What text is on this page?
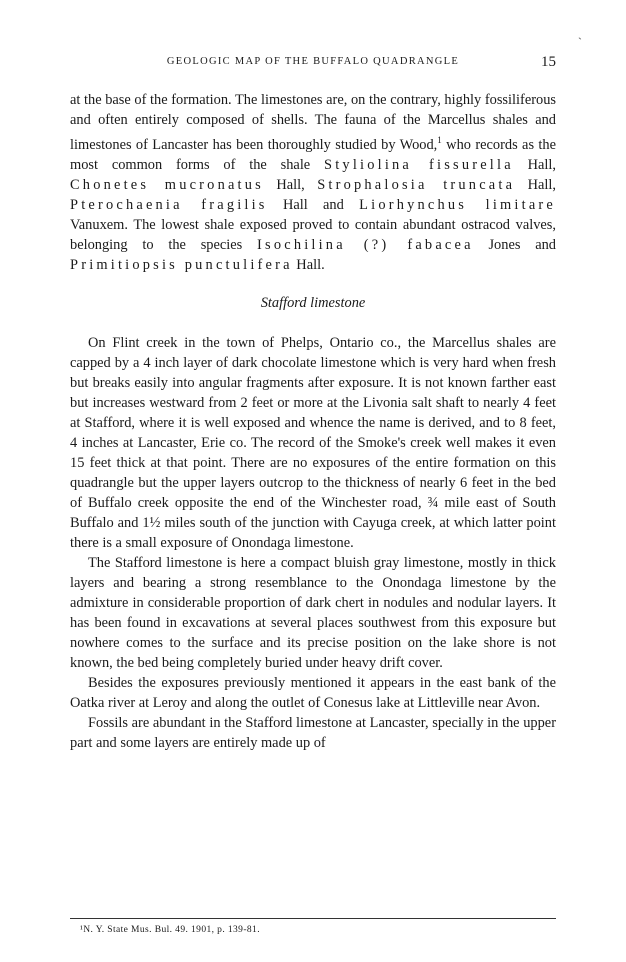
ˏ
GEOLOGIC MAP OF THE BUFFALO QUADRANGLE	15

at the base of the formation. The limestones are, on the contrary, highly fossiliferous and often entirely composed of shells. The fauna of the Marcellus shales and limestones of Lancaster has been thoroughly studied by Wood,$^1$ who records as the most common forms of the shale Styliolina fissurella Hall, Chonetes mucronatus Hall, Strophalosia truncata Hall, Pterochaenia fragilis Hall and Liorhynchus limitare Vanuxem. The lowest shale exposed proved to contain abundant ostracod valves, belonging to the species Isochilina (?) fabacea Jones and Primitiopsis punctulifera Hall.

Stafford limestone

On Flint creek in the town of Phelps, Ontario co., the Marcellus shales are capped by a 4 inch layer of dark chocolate limestone which is very hard when fresh but breaks easily into angular fragments after exposure. It is not known farther east but increases westward from 2 feet or more at the Livonia salt shaft to nearly 4 feet at Stafford, where it is well exposed and whence the name is derived, and to 8 feet, 4 inches at Lancaster, Erie co. The record of the Smoke's creek well makes it even 15 feet thick at that point. There are no exposures of the entire formation on this quadrangle but the upper layers outcrop to the thickness of nearly 6 feet in the bed of Buffalo creek opposite the end of the Winchester road, ¾ mile east of South Buffalo and 1½ miles south of the junction with Cayuga creek, at which latter point there is a small exposure of Onondaga limestone.

The Stafford limestone is here a compact bluish gray limestone, mostly in thick layers and bearing a strong resemblance to the Onondaga limestone by the admixture in considerable proportion of dark chert in nodules and nodular layers. It has been found in excavations at several places southwest from this exposure but nowhere comes to the surface and its precise position on the lake shore is not known, the bed being completely buried under heavy drift cover.

Besides the exposures previously mentioned it appears in the east bank of the Oatka river at Leroy and along the outlet of Conesus lake at Littleville near Avon.

Fossils are abundant in the Stafford limestone at Lancaster, specially in the upper part and some layers are entirely made up of

¹N. Y. State Mus. Bul. 49. 1901, p. 139-81.
